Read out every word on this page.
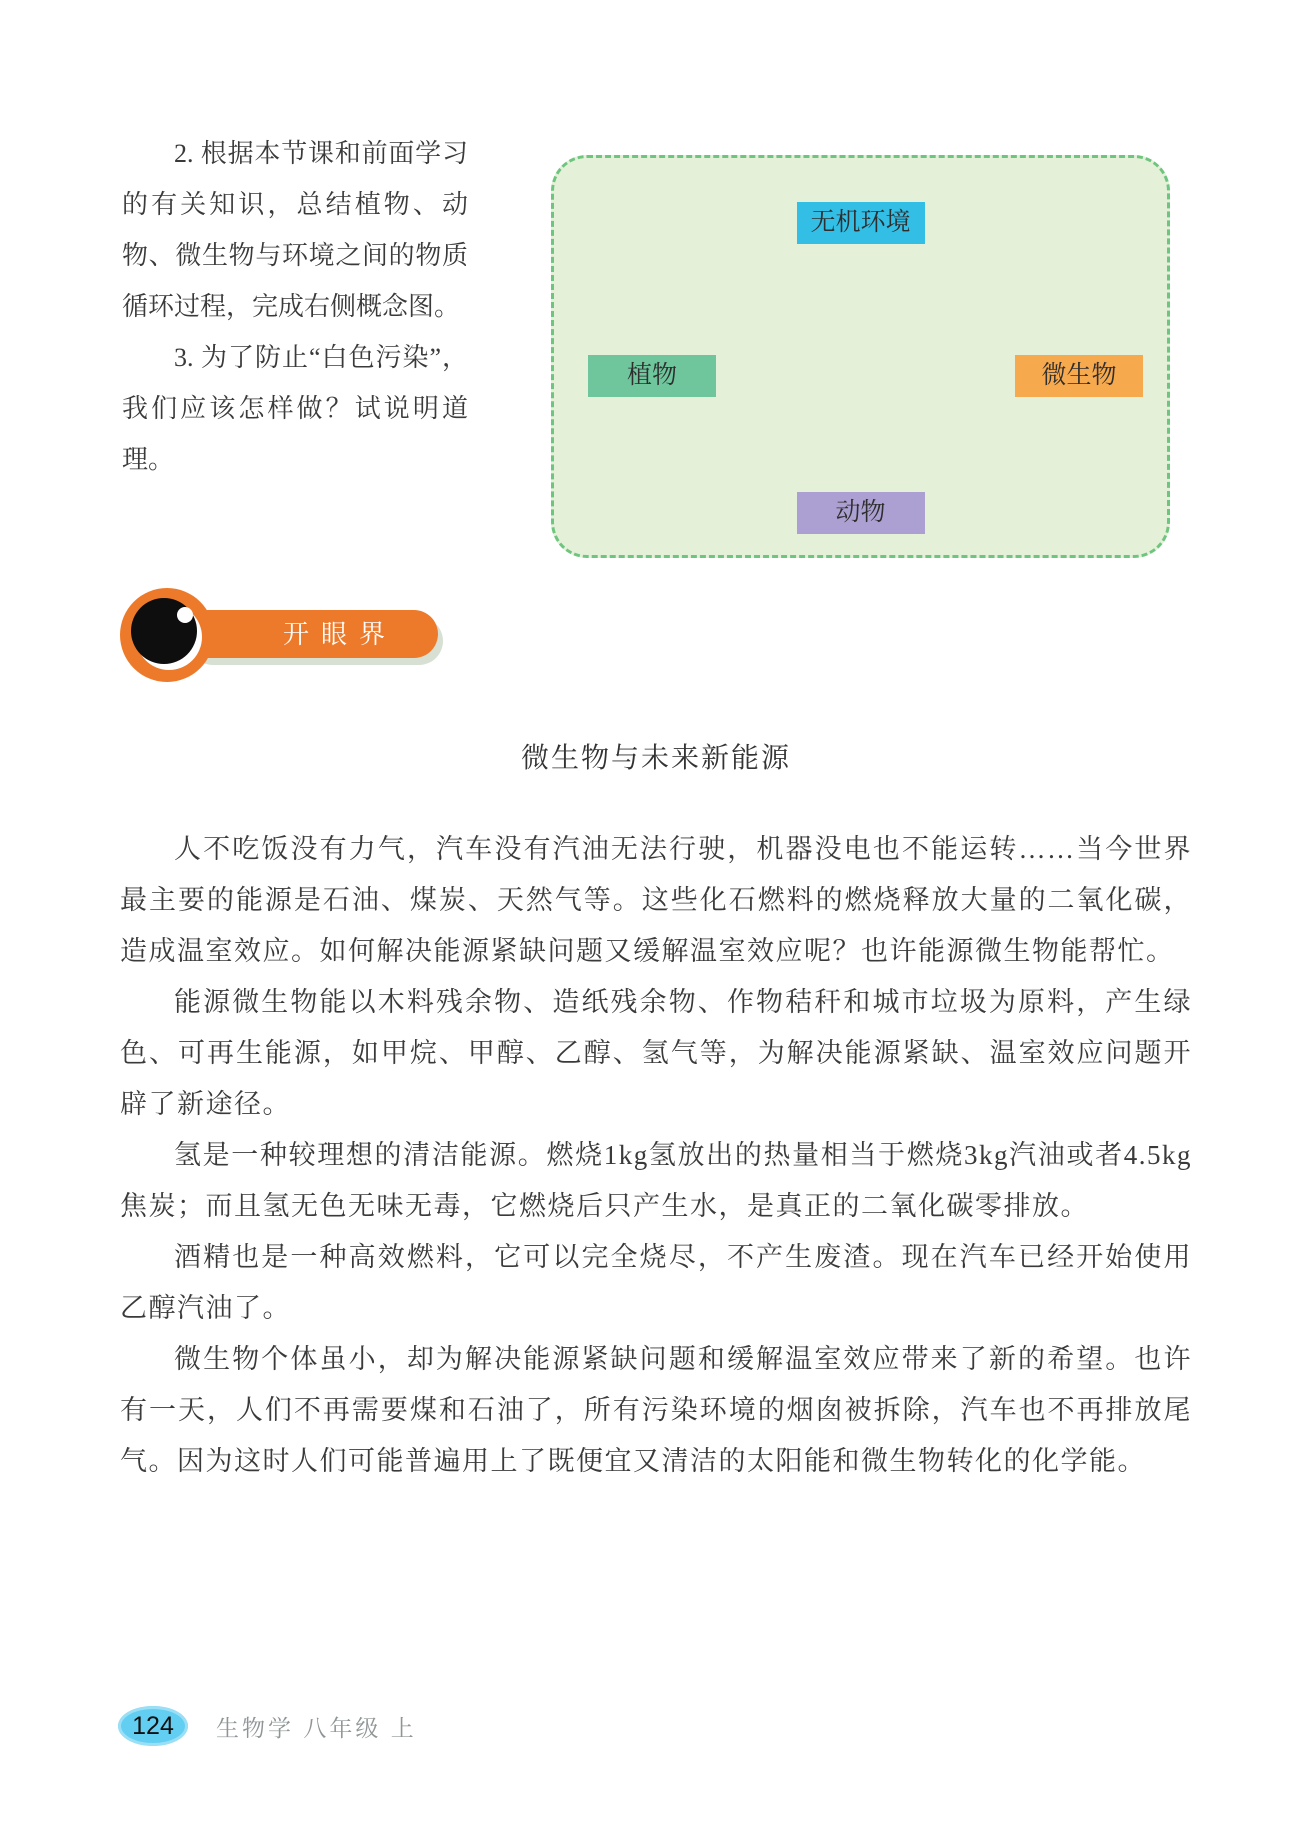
2. 根据本节课和前面学习的有关知识，总结植物、动物、微生物与环境之间的物质循环过程，完成右侧概念图。

3. 为了防止“白色污染”，我们应该怎样做？试说明道理。

无机环境
植物	微生物
动物
开眼界
微生物与未来新能源

人不吃饭没有力气，汽车没有汽油无法行驶，机器没电也不能运转……当今世界最主要的能源是石油、煤炭、天然气等。这些化石燃料的燃烧释放大量的二氧化碳，造成温室效应。如何解决能源紧缺问题又缓解温室效应呢？也许能源微生物能帮忙。

能源微生物能以木料残余物、造纸残余物、作物秸秆和城市垃圾为原料，产生绿色、可再生能源，如甲烷、甲醇、乙醇、氢气等，为解决能源紧缺、温室效应问题开辟了新途径。

氢是一种较理想的清洁能源。燃烧1kg氢放出的热量相当于燃烧3kg汽油或者4.5kg焦炭；而且氢无色无味无毒，它燃烧后只产生水，是真正的二氧化碳零排放。

酒精也是一种高效燃料，它可以完全烧尽，不产生废渣。现在汽车已经开始使用乙醇汽油了。

微生物个体虽小，却为解决能源紧缺问题和缓解温室效应带来了新的希望。也许有一天，人们不再需要煤和石油了，所有污染环境的烟囱被拆除，汽车也不再排放尾气。因为这时人们可能普遍用上了既便宜又清洁的太阳能和微生物转化的化学能。

124	生物学 八年级 上
